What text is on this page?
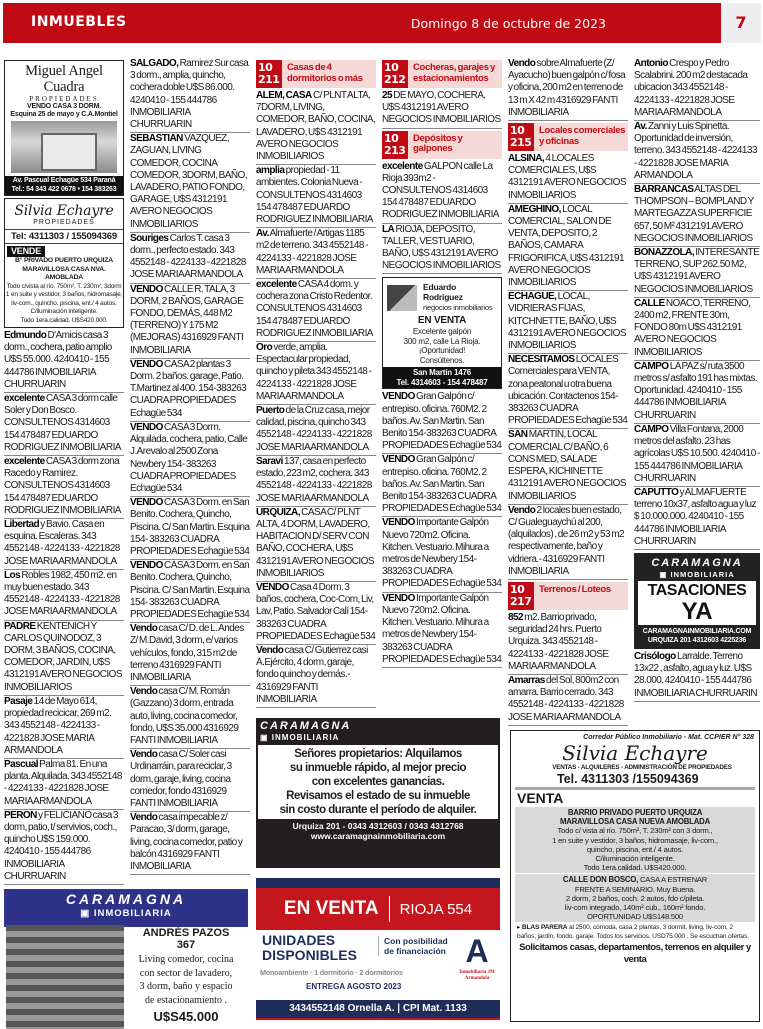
INMUEBLES	Domingo 8 de octubre de 2023	7
Miguel Angel Cuadra
PROPIEDADES
VENDO CASA 3 DORM.
Esquina 25 de mayo y C.A.Montiel
Av. Pascual Echagüe 534 Paraná
Tel.: 54 343 422 0678 • 154 383263
Silvia Echayre
PROPIEDADES
Tel: 4311303 / 155094369
VENDE
B° PRIVADO PUERTO URQUIZA
MARAVILLOSA CASA NVA. AMOBLADA
Todo c/vista al río. 750m², T. 230m², 3dorm
1 en suite y vestidor, 3 baños, hidromasaje,
liv-com., quincho, piscina, ent./ 4 autos.
C/iluminación inteligente.
Todo 1era.calidad. U$S420.000.
Edmundo D'Amicis casa 3 dorm., cochera, patio amplio U$S 55.000. 4240410 - 155 444786 INMOBILIARIA CHURRUARIN
excelente CASA 3 dorm calle Soler y Don Bosco. CONSULTENOS 4314603 154 478487 EDUARDO RODRIGUEZ INMOBILIARIA
excelente CASA 3 dorm zona Racedo y Ramirez. CONSULTENOS 4314603 154 478487 EDUARDO RODRIGUEZ INMOBILIARIA
Libertad y Bavio. Casa en esquina. Escaleras. 343 4552148 - 4224133 - 4221828 JOSE MARIA ARMANDOLA
Los Robles 1982, 450 m2. en muy buen estado. 343 4552148 - 4224133 - 4221828 JOSE MARIA ARMANDOLA
PADRE KENTENICH Y CARLOS QUINODOZ, 3 DORM, 3 BAÑOS, COCINA, COMEDOR, JARDIN, U$S 4312191 AVERO NEGOCIOS INMOBILIARIOS
Pasaje 14 de Mayo 614, propiedad recicicar, 269 m2. 343 4552148 - 4224133 - 4221828 JOSE MARIA ARMANDOLA
Pascual Palma 81. En una planta. Alquilada. 343 4552148 - 4224133 - 4221828 JOSE MARIA ARMANDOLA
PERON y FELICIANO casa 3 dorm, patio, t/ servivios, coch., quincho U$S 159.000. 4240410 - 155 444786 INMOBILIARIA CHURRUARIN
SALGADO, Ramirez Sur casa 3 dorm., amplia, quincho, cochera doble U$S 86.000. 4240410 - 155 444786 INMOBILIARIA CHURRUARIN
SEBASTIAN VAZQUEZ, ZAGUAN, LIVING COMEDOR, COCINA COMEDOR, 3DORM, BAÑO, LAVADERO, PATIO FONDO, GARAGE, U$S 4312191 AVERO NEGOCIOS INMOBILIARIOS
Souriges Carlos T. casa 3 dorm., perfecto estado. 343 4552148 - 4224133 - 4221828 JOSE MARIA ARMANDOLA
VENDO CALLE R. TALA, 3 DORM, 2 BAÑOS, GARAGE FONDO, DEMÁS, 448 M2 (TERRENO) Y 175 M2 (MEJORAS) 4316929 FANTI INMOBILIARIA
VENDO CASA 2 plantas 3 Dorm. 2 baños. garage, Patio. T.Martinez al 400. 154-383263 CUADRA PROPIEDADES Echagüe 534
VENDO CASA 3 Dorm. Alquilada. cochera, patio, Calle J.Arevalo al 2500 Zona Newbery 154- 383263 CUADRA PROPIEDADES Echagüe 534
VENDO CASA 3 Dorm. en San Benito. Cochera, Quincho, Piscina. C/ San Martin. Esquina 154- 383263 CUADRA PROPIEDADES Echagüe 534
VENDO CASA 3 Dorm. en San Benito. Cochera, Quincho, Piscina. C/ San Martin. Esquina 154- 383263 CUADRA PROPIEDADES Echagüe 534
Vendo casa C/ D. de L. Andes Z/ M.David, 3 dorm, e/ varios vehículos, fondo, 315 m2 de terreno 4316929 FANTI INMOBILIARIA
Vendo casa C/ M. Román (Gazzano) 3 dorm, entrada auto, living, cocina comedor, fondo, U$S 35.000 4316929 FANTI INMOBILIARIA
Vendo casa C/ Soler casi Urdinarráin, para reciclar, 3 dorm, garaje, living, cocina comedor, fondo 4316929 FANTI INMOBILIARIA
Vendo casa impecable z/ Paracao, 3/ dorm, garage, living, cocina comedor, patio y balcón 4316929 FANTI INMOBILIARIA
10
211
Casas de 4 dormitorios o más
ALEM, CASA C/ PLNT ALTA, 7DORM, LIVING, COMEDOR, BAÑO, COCINA, LAVADERO, U$S 4312191 AVERO NEGOCIOS INMOBILIARIOS
amplia propiedad - 11 ambientes. Colonia Nueva - CONSULTENOS 4314603 154 478487 EDUARDO RODRIGUEZ INMOBILIARIA
Av. Almafuerte / Artigas 1185 m2 de terreno. 343 4552148 - 4224133 - 4221828 JOSE MARIA ARMANDOLA
excelente CASA 4 dorm. y cochera zona Cristo Redentor. CONSULTENOS 4314603 154 478487 EDUARDO RODRIGUEZ INMOBILIARIA
Oro verde, amplia. Espectacular propiedad, quincho y pileta 343 4552148 - 4224133 - 4221828 JOSE MARIA ARMANDOLA
Puerto de la Cruz casa, mejor calidad, piscina, quincho 343 4552148 - 4224133 - 4221828 JOSE MARIA ARMANDOLA
Saravi 137, casa en perfecto estado, 223 m2, cochera. 343 4552148 - 4224133 - 4221828 JOSE MARIA ARMANDOLA
URQUIZA, CASA C/ PLNT ALTA, 4 DORM, LAVADERO, HABITACION D/ SERV CON BAÑO, COCHERA, U$S 4312191 AVERO NEGOCIOS INMOBILIARIOS
VENDO Casa 4 Dorm. 3 baños, cochera, Coc-Com, Liv, Lav, Patio. Salvador Calí 154-383263 CUADRA PROPIEDADES Echagüe 534
Vendo casa C/ Gutierrez casi A.Ejército, 4 dorm, garaje, fondo quincho y demás.- 4316929 FANTI INMOBILIARIA
10
212
Cocheras, garajes y estacionamientos
25 DE MAYO, COCHERA, U$S 4312191 AVERO NEGOCIOS INMOBILIARIOS
10
213
Depósitos y galpones
excelente GALPON calle La Rioja 393m2 - CONSULTENOS 4314603 154 478487 EDUARDO RODRIGUEZ INMOBILIARIA
LA RIOJA, DEPOSITO, TALLER, VESTUARIO, BAÑO, U$S 4312191 AVERO NEGOCIOS INMOBILIARIOS
Eduardo Rodriguez
negocios inmobiliarios
EN VENTA
Excelente galpón
300 m2, calle La Rioja.
¡Oportunidad!
Consúltenos.
San Martín 1476
Tel. 4314603 - 154 478487
VENDO Gran Galpón c/ entrepiso. oficina. 760M2. 2 baños. Av. San Martin. San Benito 154-383263 CUADRA PROPIEDADES Echagüe 534
VENDO Gran Galpón c/ entrepiso. oficina. 760M2. 2 baños. Av. San Martin. San Benito 154-383263 CUADRA PROPIEDADES Echagüe 534
VENDO Importante Galpón Nuevo 720m2. Oficina. Kitchen. Vestuario. Mihura a metros de Newbery 154- 383263 CUADRA PROPIEDADES Echagüe 534
VENDO Importante Galpón Nuevo 720m2. Oficina. Kitchen. Vestuario. Mihura a metros de Newbery 154- 383263 CUADRA PROPIEDADES Echagüe 534
Vendo sobre Almafuerte (Z/ Ayacucho) buen galpón c/ fosa y oficina, 200 m2 en terreno de 13 m X 42 m 4316929 FANTI INMOBILIARIA
10
215
Locales comerciales y oficinas
ALSINA, 4 LOCALES COMERCIALES, U$S 4312191 AVERO NEGOCIOS INMOBILIARIOS
AMEGHINO, LOCAL COMERCIAL, SALON DE VENTA, DEPOSITO, 2 BAÑOS, CAMARA FRIGORIFICA, U$S 4312191 AVERO NEGOCIOS INMOBILIARIOS
ECHAGUE, LOCAL, VIDRIERAS FIJAS, KITCHNETTE, BAÑO, U$S 4312191 AVERO NEGOCIOS INMOBILIARIOS
NECESITAMOS LOCALES Comerciales para VENTA, zona peatonal u otra buena ubicación. Contactenos 154- 383263 CUADRA PROPIEDADES Echagüe 534
SAN MARTIN, LOCAL COMERCIAL C/ BAÑO, 6 CONS MED, SALA DE ESPERA, KICHINETTE 4312191 AVERO NEGOCIOS INMOBILIARIOS
Vendo 2 locales buen estado, C/ Gualeguaychú al 200, (alquilados) , de 26 m2 y 53 m2 respectivamente, baño y vidriera.- 4316929 FANTI INMOBILIARIA
10
217
Terrenos / Loteos
852 m2. Barrio privado, seguridad 24 hrs. Puerto Urquiza. 343 4552148 - 4224133 - 4221828 JOSE MARIA ARMANDOLA
Amarras del Sol, 800m2 con amarra. Barrio cerrado. 343 4552148 - 4224133 - 4221828 JOSE MARIA ARMANDOLA
Antonio Crespo y Pedro Scalabrini. 200 m2 destacada ubicacion 343 4552148 - 4224133 - 4221828 JOSE MARIA ARMANDOLA
Av. Zanni y Luis Spinetta. Oportunidad de inversión, terreno. 343 4552148 - 4224133 - 4221828 JOSE MARIA ARMANDOLA
BARRANCAS ALTAS DEL THOMPSON – BOMPLAND Y MARTEGAZZA SUPERFICIE 657, 50 M² 4312191 AVERO NEGOCIOS INMOBILIARIOS
BONAZZOLA, INTERESANTE TERRENO, SUP 262.50 M2, U$S 4312191 AVERO NEGOCIOS INMOBILIARIOS
CALLE NOACO, TERRENO, 2400 m2, FRENTE 30m, FONDO 80m U$S 4312191 AVERO NEGOCIOS INMOBILIARIOS
CAMPO LA PAZ s/ ruta 3500 metros s/ asfalto 191 has mixtas. Oportunidad. 4240410 - 155 444786 INMOBILIARIA CHURRUARIN
CAMPO Villa Fontana, 2000 metros del asfalto. 23 has agrícolas U$S 10.500. 4240410 - 155 444786 INMOBILIARIA CHURRUARIN
CAPUTTO y ALMAFUERTE terreno 10x37, asfalto agua y luz $ 10.000.000. 4240410 - 155 444786 INMOBILIARIA CHURRUARIN
CARAMAGNA
▣ INMOBILIARIA
TASACIONES
YA
CARAMAGNAINMOBILIARIA.COM
URQUIZA 201 4312603 4225236
Crisólogo Larralde. Terreno 13x22 , asfalto, agua y luz. U$S 28.000. 4240410 - 155 444786 INMOBILIARIA CHURRUARIN
CARAMAGNA
▣ INMOBILIARIA
ANDRÉS PAZOS
367
Living comedor, cocina
con sector de lavadero,
3 dorm, baño y espacio
de estacionamiento .
U$S45.000
CARAMAGNA
▣ INMOBILIARIA
Señores propietarios: Alquilamos
su inmueble rápido, al mejor precio
con excelentes ganancias.
Revisamos el estado de su inmueble
sin costo durante el período de alquiler.
Urquiza 201 - 0343 4312603 / 0343 4312768
www.caramagnainmobiliaria.com
EN VENTA RIOJA 554
UNIDADES
DISPONIBLES
Con posibilidad
de financiación
Monoambiente · 1 dormitorio · 2 dormitorios
ENTREGA AGOSTO 2023
A
Inmobiliaria JM Armandola
3434552148 Ornella A. | CPI Mat. 1133
Corredor Público Inmobiliario - Mat. CCPIER N° 328
Silvia Echayre
VENTAS - ALQUILERES - ADMINISTRACIÓN DE PROPIEDADES
Tel. 4311303 /155094369
VENTA
BARRIO PRIVADO PUERTO URQUIZA
MARAVILLOSA CASA NUEVA AMOBLADA
Todo c/ vista al río. 750m², T. 230m² con 3 dorm.,
1 en suite y vestidor, 3 baños, hidromasaje, liv-com.,
quincho, piscina, ent./ 4 autos.
C/iluminación inteligente.
Todo 1era.calidad. U$S420.000.
CALLE DON BOSCO, CASA A ESTRENAR
FRENTE A SEMINARIO. Muy Buena.
2 dorm, 2 baños, coch. 2 autos, fdo c/pileta.
liv-com integrado, 140m² cub., 160m² fondo.
OPORTUNIDAD U$S148.500
▸ BLAS PARERA al 2500, cómoda, casa 2 plantas, 3 dormit, living, liv-com, 2 baños, jardín, fondo. garaje. Todos los servicios. USD75.000 . Se escuchan ofertas.
Solicitamos casas, departamentos, terrenos en alquiler y venta
